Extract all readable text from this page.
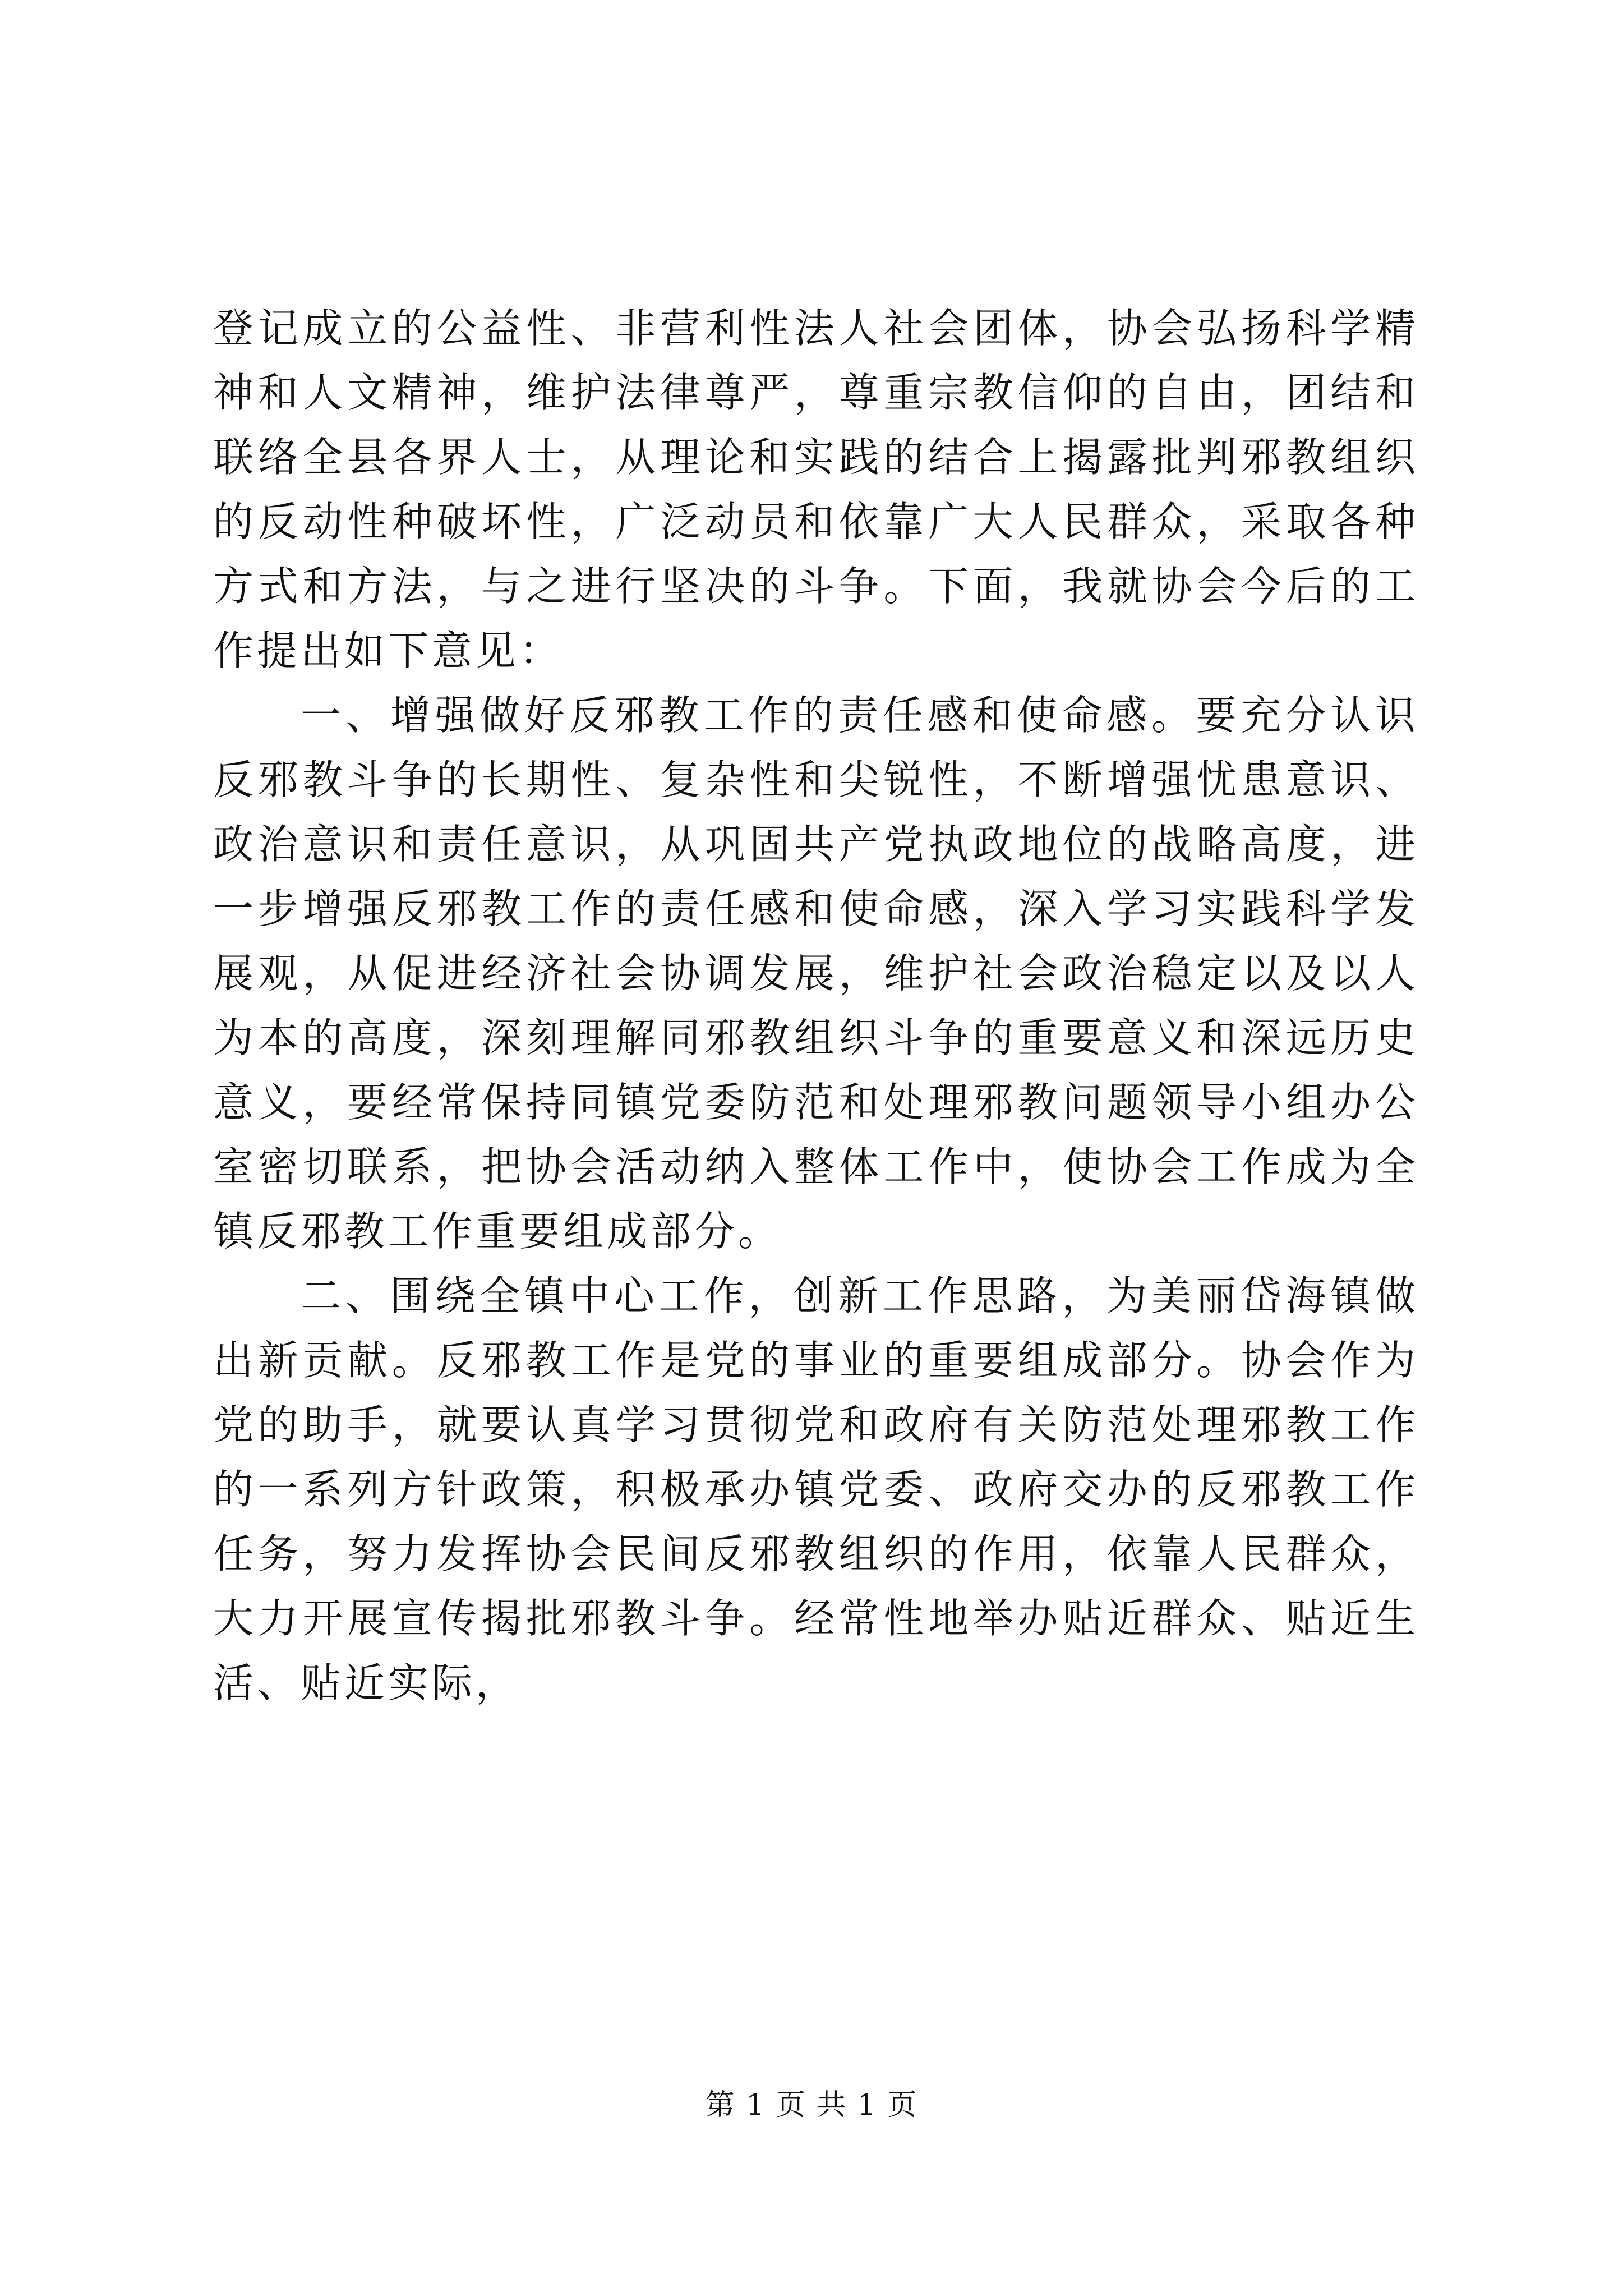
登记成立的公益性、非营利性法人社会团体，协会弘扬科学精神和人文精神，维护法律尊严，尊重宗教信仰的自由，团结和联络全县各界人士，从理论和实践的结合上揭露批判邪教组织的反动性种破坏性，广泛动员和依靠广大人民群众，采取各种方式和方法，与之进行坚决的斗争。下面，我就协会今后的工作提出如下意见：

一、增强做好反邪教工作的责任感和使命感。要充分认识反邪教斗争的长期性、复杂性和尖锐性，不断增强忧患意识、政治意识和责任意识，从巩固共产党执政地位的战略高度，进一步增强反邪教工作的责任感和使命感，深入学习实践科学发展观，从促进经济社会协调发展，维护社会政治稳定以及以人为本的高度，深刻理解同邪教组织斗争的重要意义和深远历史意义，要经常保持同镇党委防范和处理邪教问题领导小组办公室密切联系，把协会活动纳入整体工作中，使协会工作成为全镇反邪教工作重要组成部分。

二、围绕全镇中心工作，创新工作思路，为美丽岱海镇做出新贡献。反邪教工作是党的事业的重要组成部分。协会作为党的助手，就要认真学习贯彻党和政府有关防范处理邪教工作的一系列方针政策，积极承办镇党委、政府交办的反邪教工作任务，努力发挥协会民间反邪教组织的作用，依靠人民群众，大力开展宣传揭批邪教斗争。经常性地举办贴近群众、贴近生活、贴近实际，

第 1 页 共 1 页
